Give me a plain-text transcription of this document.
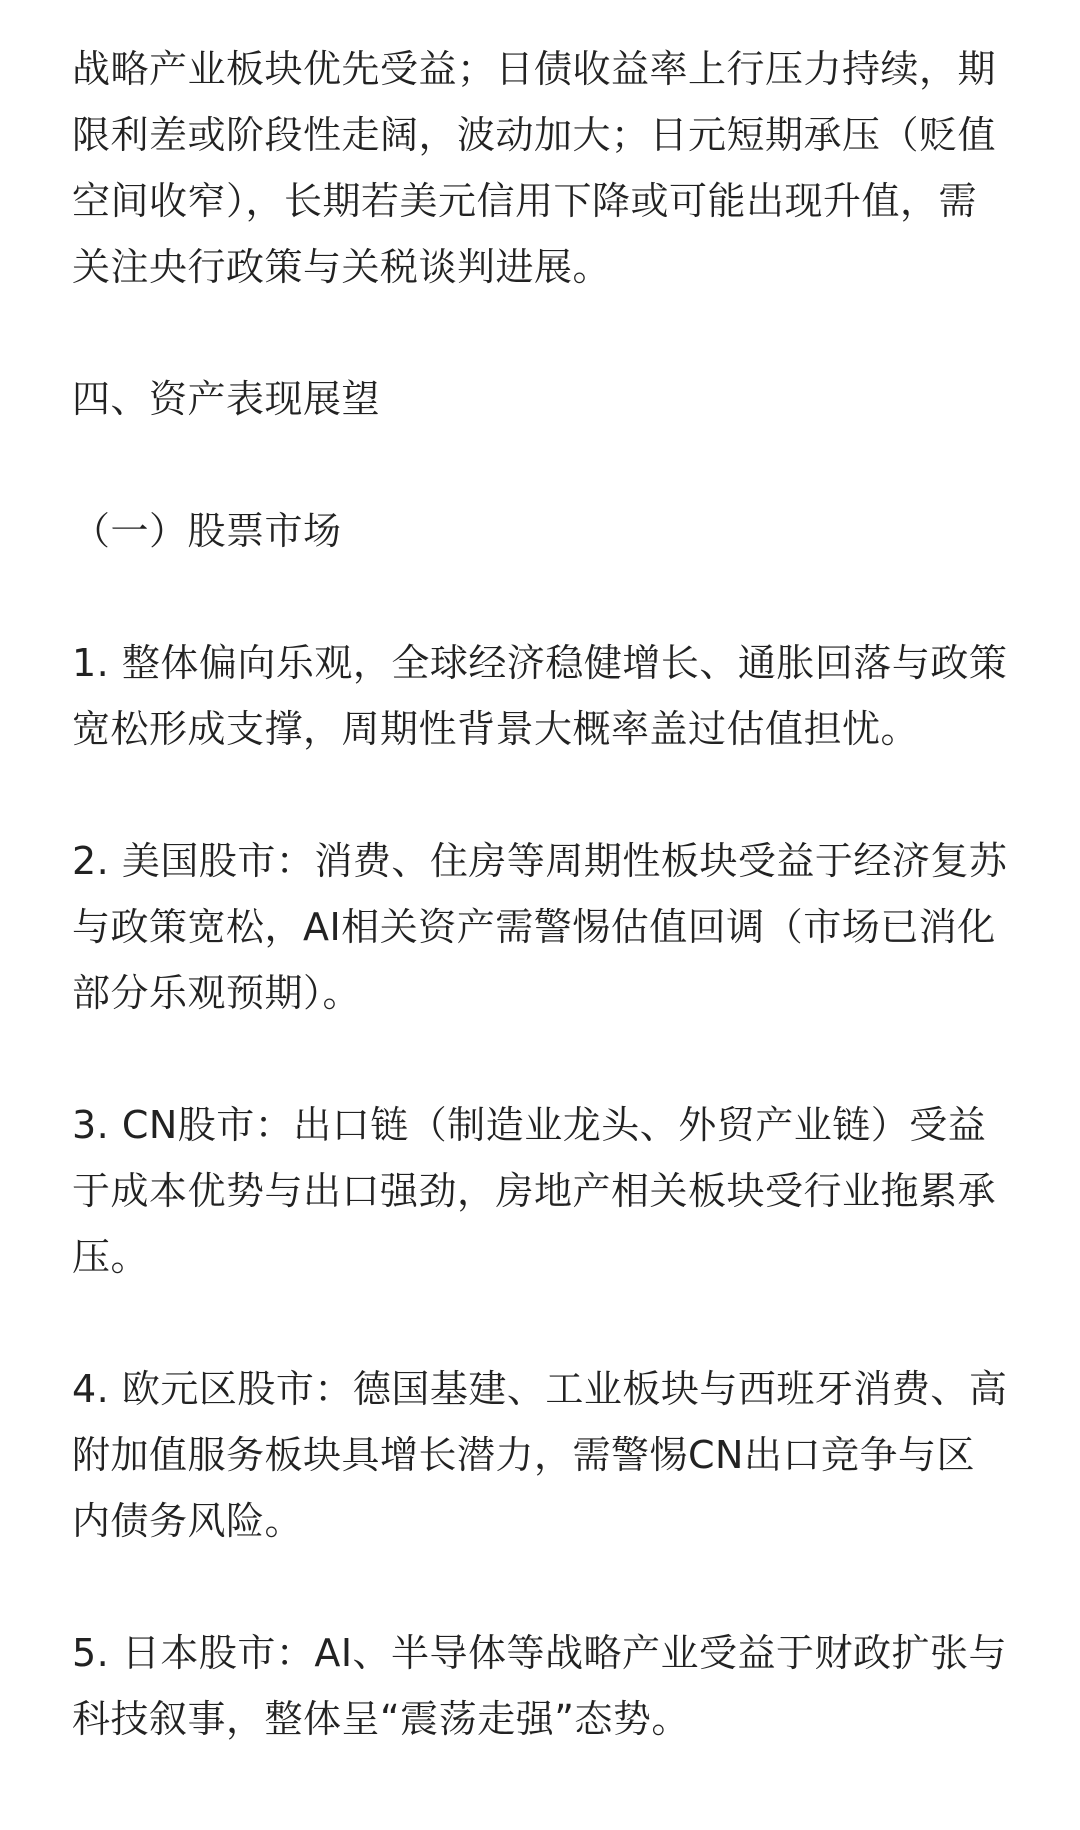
战略产业板块优先受益；日债收益率上行压力持续，期限利差或阶段性走阔，波动加大；日元短期承压（贬值空间收窄），长期若美元信用下降或可能出现升值，需关注央行政策与关税谈判进展。

四、资产表现展望

（一）股票市场

1. 整体偏向乐观，全球经济稳健增长、通胀回落与政策宽松形成支撑，周期性背景大概率盖过估值担忧。

2. 美国股市：消费、住房等周期性板块受益于经济复苏与政策宽松，AI相关资产需警惕估值回调（市场已消化部分乐观预期）。

3. CN股市：出口链（制造业龙头、外贸产业链）受益于成本优势与出口强劲，房地产相关板块受行业拖累承压。

4. 欧元区股市：德国基建、工业板块与西班牙消费、高附加值服务板块具增长潜力，需警惕CN出口竞争与区内债务风险。

5. 日本股市：AI、半导体等战略产业受益于财政扩张与科技叙事，整体呈“震荡走强”态势。
